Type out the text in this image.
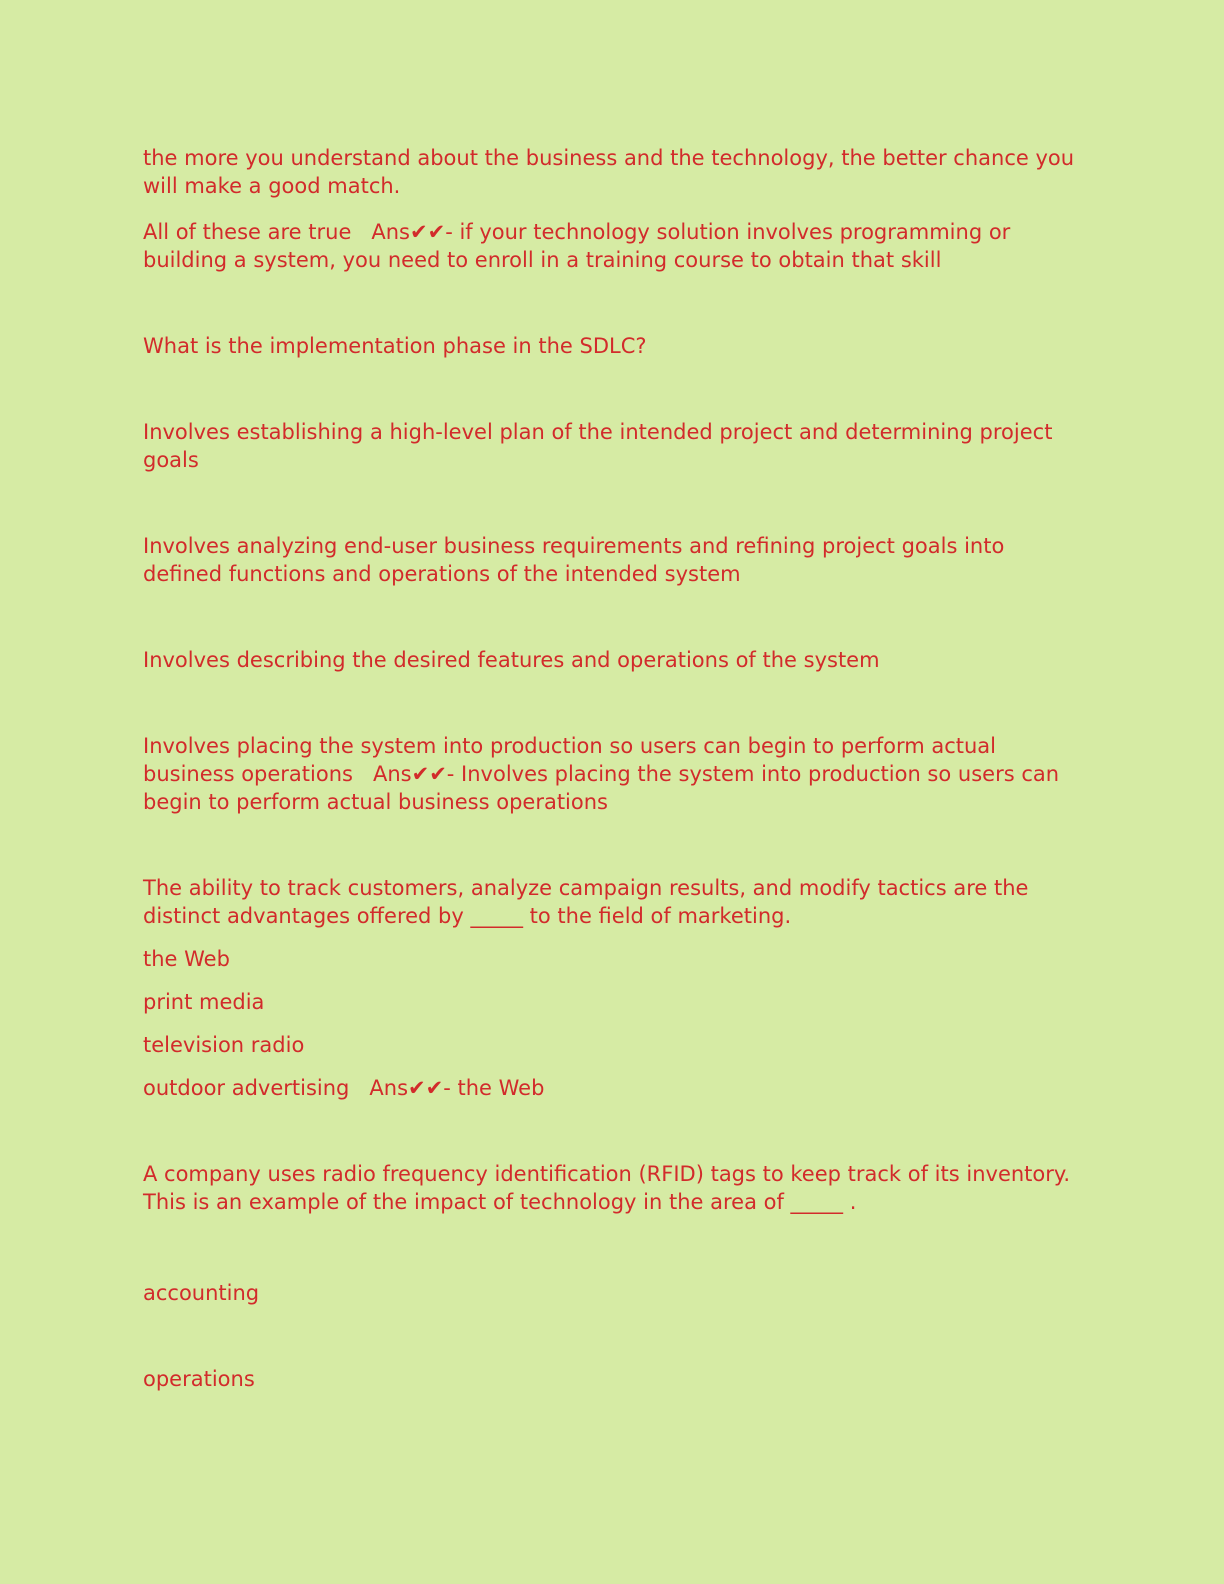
the more you understand about the business and the technology, the better chance you will make a good match.

All of these are true   Ans✔✔- if your technology solution involves programming or building a system, you need to enroll in a training course to obtain that skill

What is the implementation phase in the SDLC?

Involves establishing a high-level plan of the intended project and determining project goals

Involves analyzing end-user business requirements and refining project goals into defined functions and operations of the intended system

Involves describing the desired features and operations of the system

Involves placing the system into production so users can begin to perform actual business operations   Ans✔✔- Involves placing the system into production so users can begin to perform actual business operations

The ability to track customers, analyze campaign results, and modify tactics are the distinct advantages offered by _____ to the field of marketing.

the Web

print media

television radio

outdoor advertising   Ans✔✔- the Web

A company uses radio frequency identification (RFID) tags to keep track of its inventory. This is an example of the impact of technology in the area of _____ .

accounting

operations
